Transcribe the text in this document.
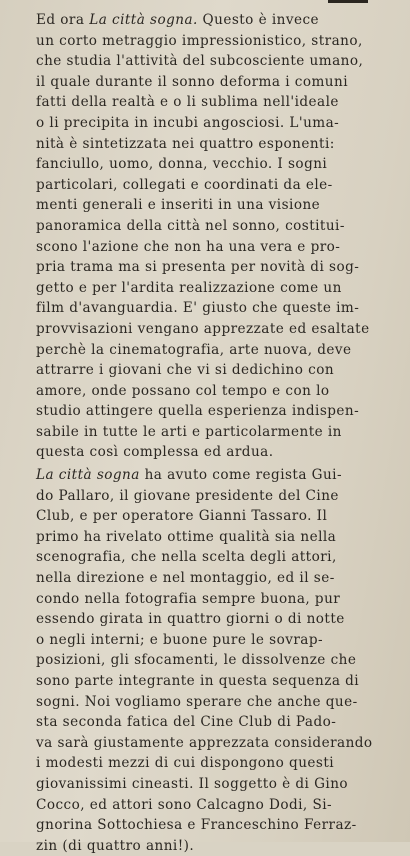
Ed ora La città sogna. Questo è invece
un corto metraggio impressionistico, strano,
che studia l'attività del subcosciente umano,
il quale durante il sonno deforma i comuni
fatti della realtà e o li sublima nell'ideale
o li precipita in incubi angosciosi. L'uma-
nità è sintetizzata nei quattro esponenti:
fanciullo, uomo, donna, vecchio. I sogni
particolari, collegati e coordinati da ele-
menti generali e inseriti in una visione
panoramica della città nel sonno, costitui-
scono l'azione che non ha una vera e pro-
pria trama ma si presenta per novità di sog-
getto e per l'ardita realizzazione come un
film d'avanguardia. E' giusto che queste im-
provvisazioni vengano apprezzate ed esaltate
perchè la cinematografia, arte nuova, deve
attrarre i giovani che vi si dedichino con
amore, onde possano col tempo e con lo
studio attingere quella esperienza indispen-
sabile in tutte le arti e particolarmente in
questa così complessa ed ardua.
La città sogna ha avuto come regista Gui-
do Pallaro, il giovane presidente del Cine
Club, e per operatore Gianni Tassaro. Il
primo ha rivelato ottime qualità sia nella
scenografia, che nella scelta degli attori,
nella direzione e nel montaggio, ed il se-
condo nella fotografia sempre buona, pur
essendo girata in quattro giorni o di notte
o negli interni; e buone pure le sovrap-
posizioni, gli sfocamenti, le dissolvenze che
sono parte integrante in questa sequenza di
sogni. Noi vogliamo sperare che anche que-
sta seconda fatica del Cine Club di Pado-
va sarà giustamente apprezzata considerando
i modesti mezzi di cui dispongono questi
giovanissimi cineasti. Il soggetto è di Gino
Cocco, ed attori sono Calcagno Dodi, Si-
gnorina Sottochiesa e Franceschino Ferraz-
zin (di quattro anni!).
